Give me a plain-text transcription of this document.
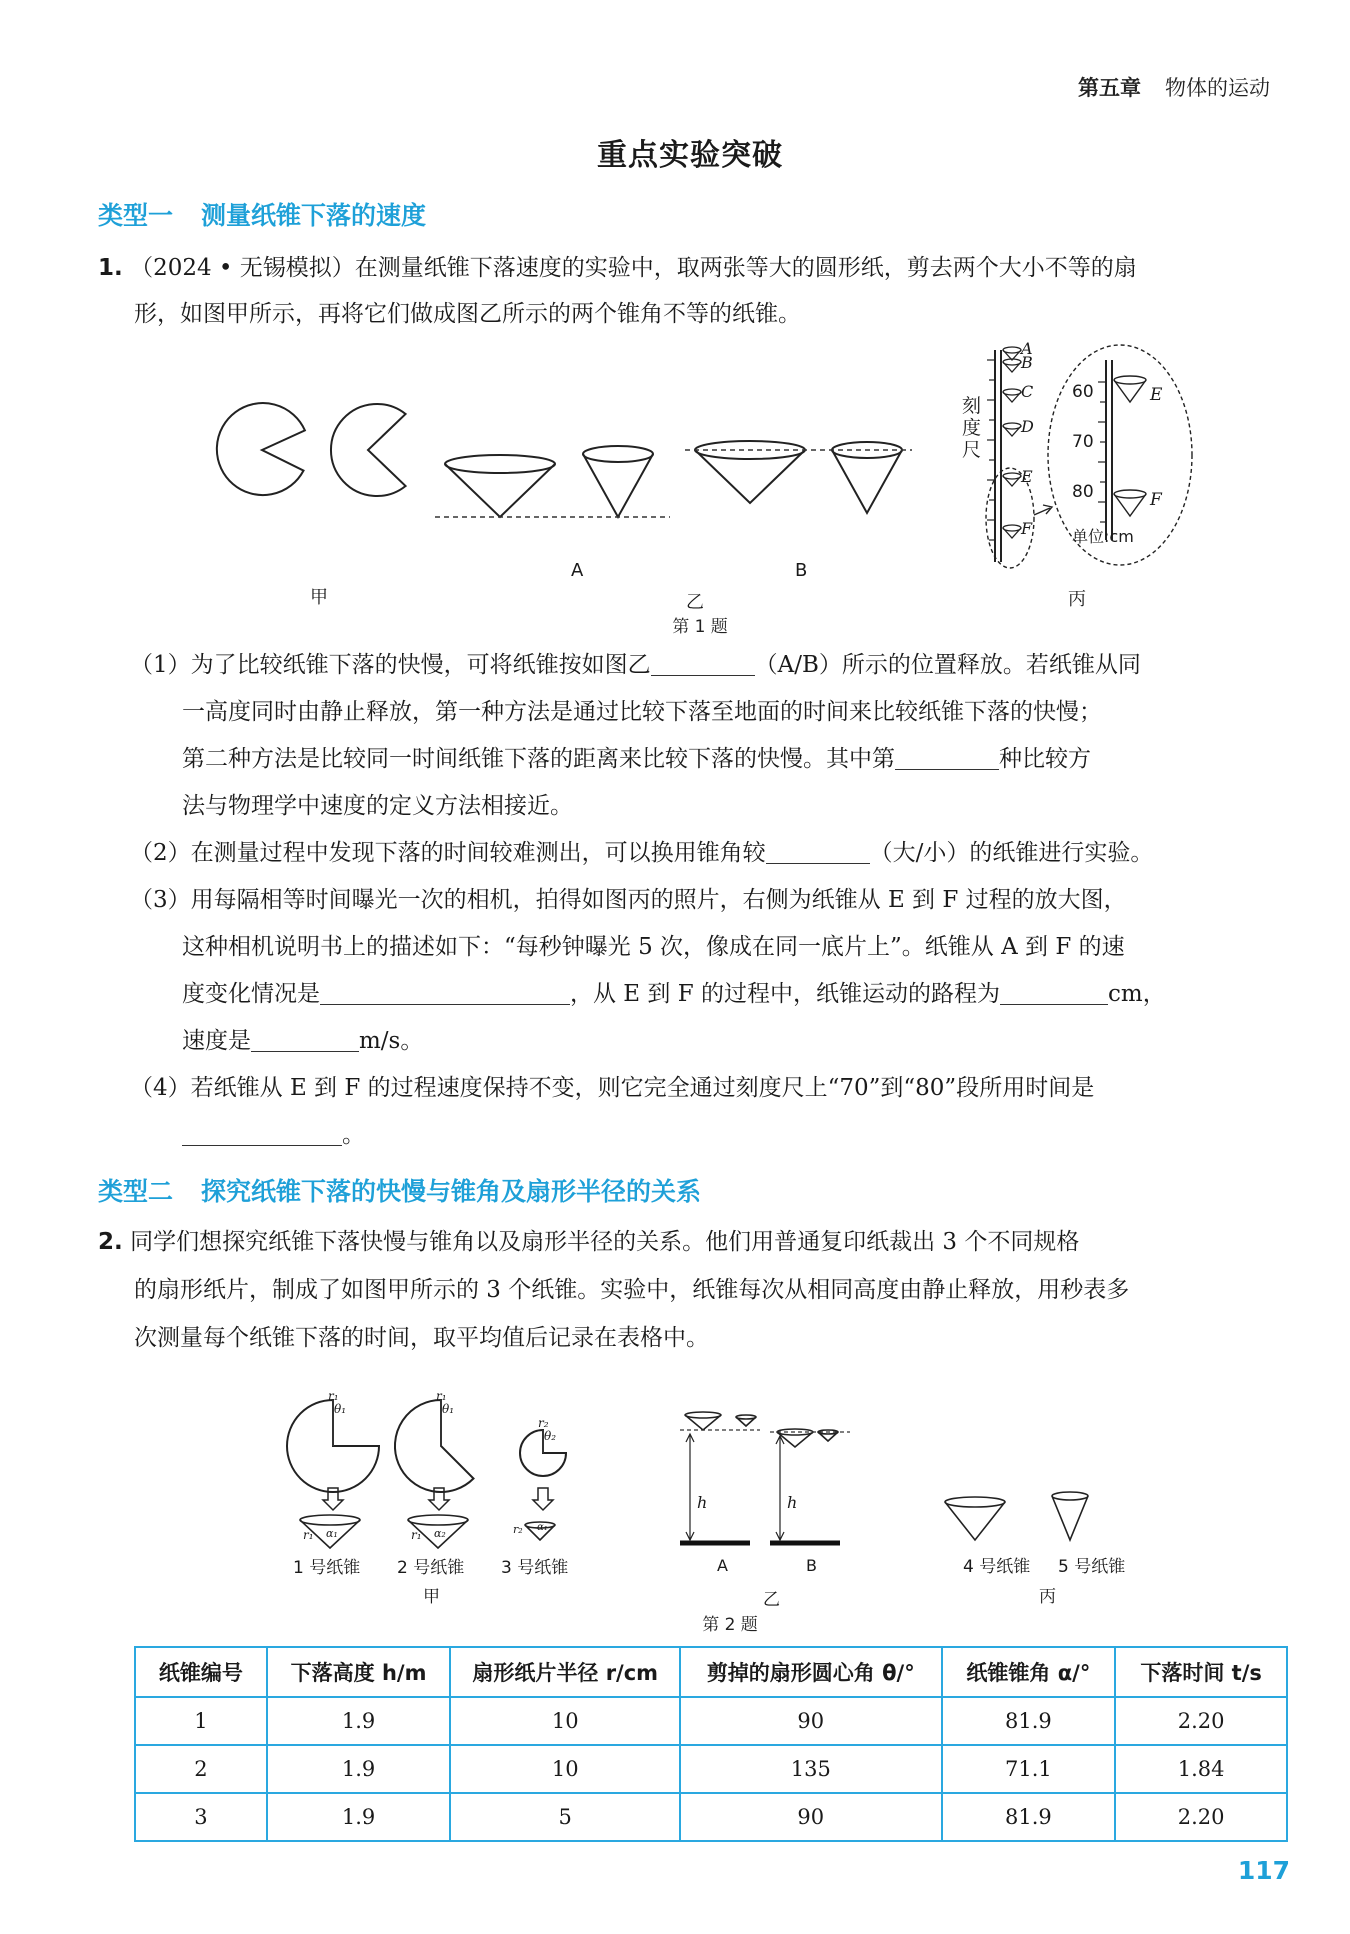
第五章 物体的运动
重点实验突破
类型一 测量纸锥下落的速度
1. （2024 • 无锡模拟）在测量纸锥下落速度的实验中，取两张等大的圆形纸，剪去两个大小不等的扇
形，如图甲所示，再将它们做成图乙所示的两个锥角不等的纸锥。
甲
A
乙
B
丙
刻度尺
A
B
C
D
E
F
60
70
80
E
F
单位:cm
第 1 题
（1）为了比较纸锥下落的快慢，可将纸锥按如图乙	（A/B）所示的位置释放。若纸锥从同
一高度同时由静止释放，第一种方法是通过比较下落至地面的时间来比较纸锥下落的快慢；
第二种方法是比较同一时间纸锥下落的距离来比较下落的快慢。其中第	种比较方
法与物理学中速度的定义方法相接近。
（2）在测量过程中发现下落的时间较难测出，可以换用锥角较	（大/小）的纸锥进行实验。
（3）用每隔相等时间曝光一次的相机，拍得如图丙的照片，右侧为纸锥从 E 到 F 过程的放大图，
这种相机说明书上的描述如下：“每秒钟曝光 5 次，像成在同一底片上”。纸锥从 A 到 F 的速
度变化情况是	，从 E 到 F 的过程中，纸锥运动的路程为	cm，
速度是	m/s。
（4）若纸锥从 E 到 F 的过程速度保持不变，则它完全通过刻度尺上“70”到“80”段所用时间是
。
类型二 探究纸锥下落的快慢与锥角及扇形半径的关系
2. 同学们想探究纸锥下落快慢与锥角以及扇形半径的关系。他们用普通复印纸裁出 3 个不同规格
的扇形纸片，制成了如图甲所示的 3 个纸锥。实验中，纸锥每次从相同高度由静止释放，用秒表多
次测量每个纸锥下落的时间，取平均值后记录在表格中。
r₁
θ₁
r₁
θ₁
r₂
θ₂
r₁ α₁	r₁ α₂	r₂ α₁
1 号纸锥 2 号纸锥 3 号纸锥
甲
h	h
A	B
乙
4 号纸锥 5 号纸锥
丙
第 2 题
纸锥编号	下落高度 h/m	扇形纸片半径 r/cm	剪掉的扇形圆心角 θ/°	纸锥锥角 α/°	下落时间 t/s
1	1.9	10	90	81.9	2.20
2	1.9	10	135	71.1	1.84
3	1.9	5	90	81.9	2.20
117
